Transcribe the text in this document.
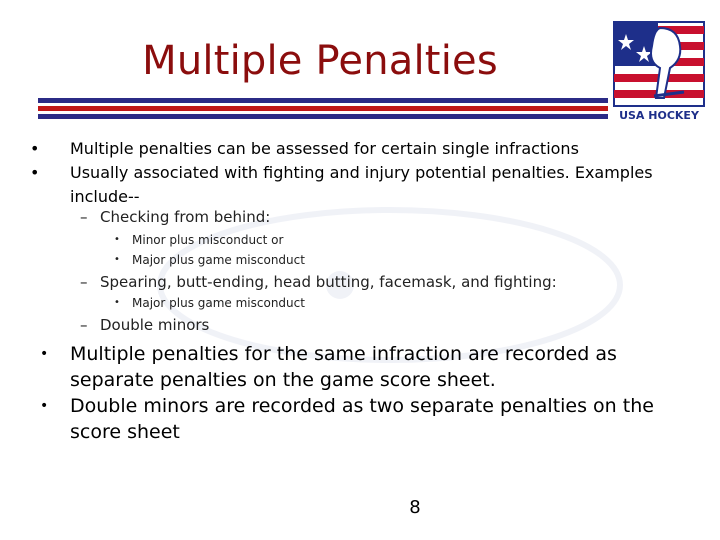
Multiple Penalties
USA HOCKEY
• Multiple penalties can be assessed for certain single infractions
• Usually associated with fighting and injury potential penalties. Examples include--
– Checking from behind:
• Minor plus misconduct or
• Major plus game misconduct
– Spearing, butt-ending, head butting, facemask, and fighting:
• Major plus game misconduct
– Double minors
• Multiple penalties for the same infraction are recorded as separate penalties on the game score sheet.
• Double minors are recorded as two separate penalties on the score sheet
8
